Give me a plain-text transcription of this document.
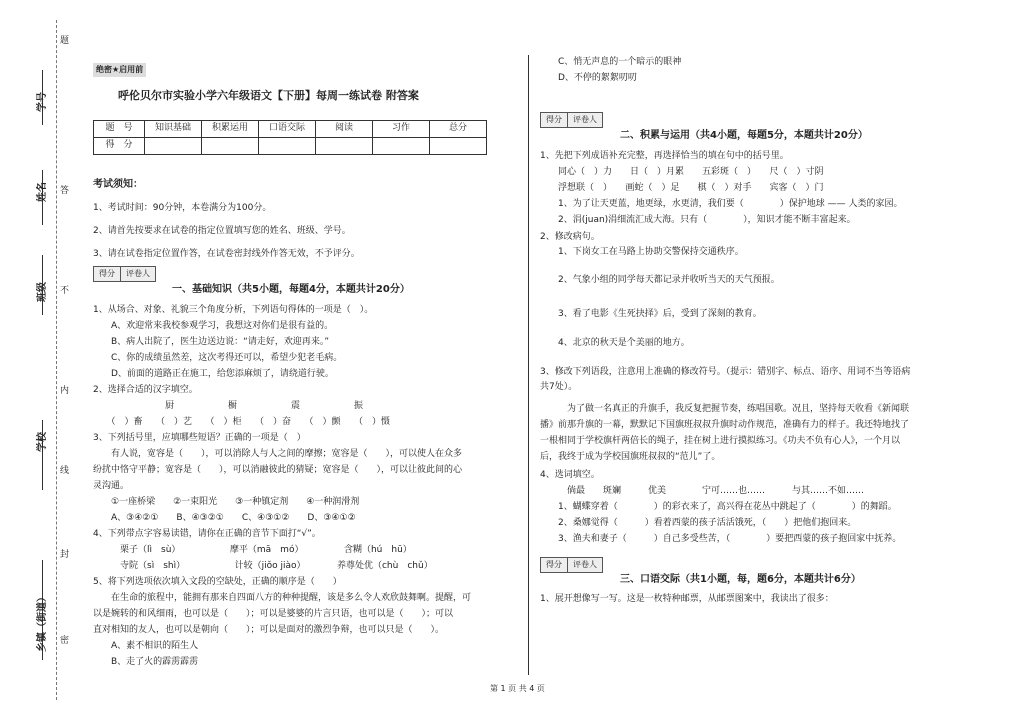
学号
姓名
班级
学校
乡镇（街道）
题
答
不
内
线
封
密
绝密★启用前
呼伦贝尔市实验小学六年级语文【下册】每周一练试卷 附答案
题　号	知识基础	积累运用	口语交际	阅读	习作	总分
得　分						
考试须知：
1、考试时间：90分钟，本卷满分为100分。
2、请首先按要求在试卷的指定位置填写您的姓名、班级、学号。
3、请在试卷指定位置作答，在试卷密封线外作答无效，不予评分。
得分	评卷人
一、基础知识（共5小题，每题4分，本题共计20分）
1、从场合、对象、礼貌三个角度分析，下列语句得体的一项是（　）。
　　A、欢迎常来我校参观学习，我想这对你们是很有益的。
　　B、病人出院了，医生边送边说：“请走好，欢迎再来。”
　　C、你的成绩虽然差，这次考得还可以，希望少犯老毛病。
　　D、前面的道路正在施工，给您添麻烦了，请绕道行驶。
2、选择合适的汉字填空。
　　　　　　　　厨　　　　　　橱　　　　　　震　　　　　　振
　　（　）畜　　（　）艺　　（　）柜　　（　）奋　　（　）颤　　（　）慑
3、下列括号里，应填哪些短语？正确的一项是（　）
　　有人说，宽容是（　　），可以消除人与人之间的摩擦；宽容是（　　），可以使人在众多
纷扰中恪守平静；宽容是（　　），可以消融彼此的猜疑；宽容是（　　），可以让彼此间的心
灵沟通。
　　①一座桥梁　　②一束阳光　　③一种镇定剂　　④一种润滑剂
　　A、③④②①　　B、④③②①　　C、④③①②　　D、③④①②
4、下列带点字容易读错，请你在正确的音节下面打“√”。
　　　栗子（lì　sù）　　　　　　摩平（mā　mó）　　　　　含糊（hú　hū）
　　　寺院（sì　shì）　　　　　　计较（jiǒo jiào）　　　　养尊处优（chù　chǔ）
5、将下列选项依次填入文段的空缺处，正确的顺序是（　　）
　　在生命的旅程中，能拥有那来自四面八方的种种提醒，该是多么令人欢欣鼓舞啊。提醒，可
以是婉转的和风细雨，也可以是（　　）；可以是婆婆的片言只语，也可以是（　　）；可以
直对相知的友人，也可以是朝向（　　）；可以是面对的激烈争辩，也可以只是（　　）。
　　A、素不相识的陌生人
　　B、走了火的霹雳霹雳
　　C、悄无声息的一个暗示的眼神
　　D、不停的絮絮叨叨
得分	评卷人
二、积累与运用（共4小题，每题5分，本题共计20分）
1、先把下列成语补充完整，再选择恰当的填在句中的括号里。
　　同心（　）力　　日（　）月累　　五彩斑（　）　　尺（　）寸阴
　　浮想联（　）　　画蛇（　）足　　棋（　）对手　　宾客（　）门
　　1、为了让天更蓝，地更绿，水更清，我们要（　　　　）保护地球 —— 人类的家园。
　　2、涓(juan)涓细流汇成大海。只有（　　　　），知识才能不断丰富起来。
2、修改病句。
　　1、下岗女工在马路上协助交警保持交通秩序。
　　2、气象小组的同学每天都记录并收听当天的天气预报。
　　3、看了电影《生死抉择》后，受到了深刻的教育。
　　4、北京的秋天是个美丽的地方。
3、修改下列语段，注意用上准确的修改符号。（提示：错别字、标点、语序、用词不当等语病
共7处）。
　　　为了做一名真正的升旗手，我反复把握节奏，练唱国歌。况且，坚持每天收看《新闻联
播》前那升旗的一幕，默默记下国旗班叔叔升旗时动作规范，准确有力的样子。我还特地找了
一根相同于学校旗杆两倍长的绳子，挂在树上进行摸拟练习。《功夫不负有心人》，一个月以
后，我终于成为学校国旗班叔叔的“范儿”了。
4、选词填空。
　　　倘最　　斑斓　　　优美　　　　宁可……也……　　　与其……不如……
　　1、蝴蝶穿着（　　　　）的彩衣来了，高兴得在花丛中跳起了（　　　　）的舞蹈。
　　2、桑娜觉得（　　　）看着西蒙的孩子活活饿死，（　　）把他们抱回来。
　　3、渔夫和妻子（　　　）自己多受些苦，（　　　　）要把西蒙的孩子抱回家中抚养。
得分	评卷人
三、口语交际（共1小题，每，题6分，本题共计6分）
1、展开想像写一写。这是一枚特种邮票，从邮票图案中，我读出了很多：
第 1 页 共 4 页
